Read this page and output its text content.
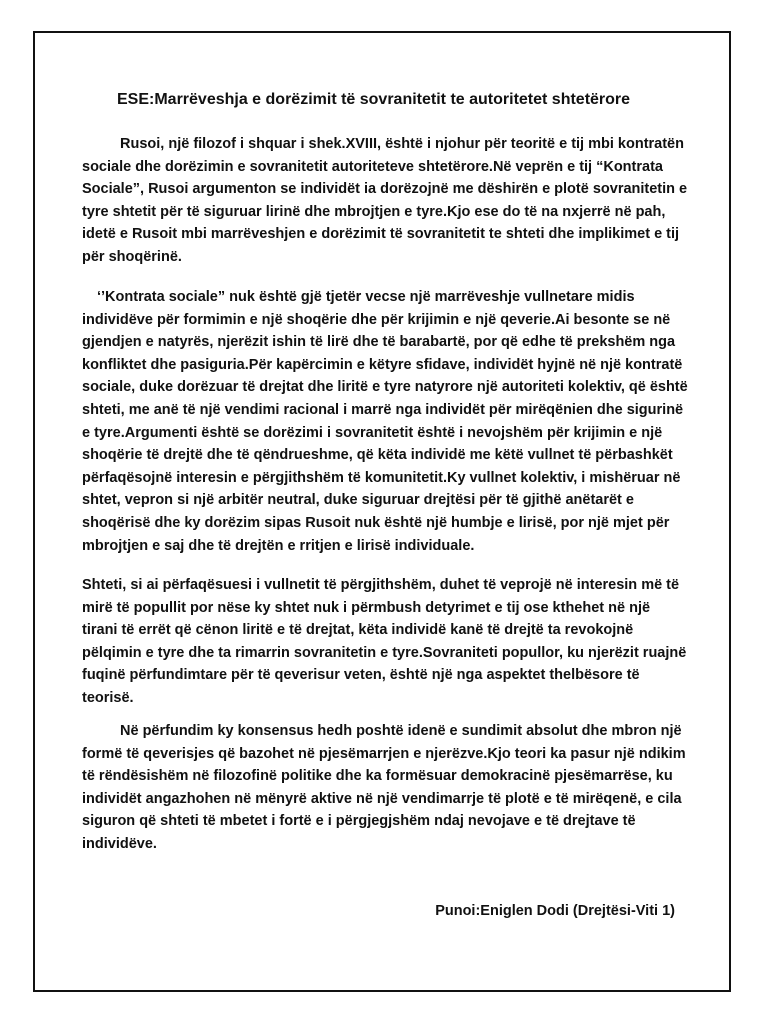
ESE:Marrëveshja e dorëzimit të sovranitetit te autoritetet shtetërore

Rusoi, një filozof i shquar i shek.XVIII, është i njohur për teoritë e tij mbi kontratën sociale dhe dorëzimin e sovranitetit autoriteteve shtetërore.Në veprën e tij “Kontrata Sociale”, Rusoi argumenton se individët ia dorëzojnë me dëshirën e plotë sovranitetin e tyre shtetit për të siguruar lirinë dhe mbrojtjen e tyre.Kjo ese do të na nxjerrë në pah, idetë e Rusoit mbi marrëveshjen e dorëzimit të sovranitetit te shteti dhe implikimet e tij për shoqërinë.

‘’Kontrata sociale” nuk është gjë tjetër vecse një marrëveshje vullnetare midis individëve për formimin e një shoqërie dhe për krijimin e një qeverie.Ai besonte se në gjendjen e natyrës, njerëzit ishin të lirë dhe të barabartë, por që edhe të prekshëm nga konfliktet dhe pasiguria.Për kapërcimin e këtyre sfidave, individët hyjnë në një kontratë sociale, duke dorëzuar të drejtat dhe liritë e tyre natyrore një autoriteti kolektiv, që është shteti, me anë të një vendimi racional i marrë nga individët për mirëqënien dhe sigurinë e tyre.Argumenti është se dorëzimi i sovranitetit është i nevojshëm për krijimin e një shoqërie të drejtë dhe të qëndrueshme, që këta individë me këtë vullnet të përbashkët përfaqësojnë interesin e përgjithshëm të komunitetit.Ky vullnet kolektiv, i mishëruar në shtet, vepron si një arbitër neutral, duke siguruar drejtësi për të gjithë anëtarët e shoqërisë dhe ky dorëzim sipas Rusoit nuk është një humbje e lirisë, por një mjet për mbrojtjen e saj dhe të drejtën e rritjen e lirisë individuale.

Shteti, si ai përfaqësuesi i vullnetit të përgjithshëm, duhet të veprojë në interesin më të mirë të popullit por nëse ky shtet nuk i përmbush detyrimet e tij ose kthehet në një tirani të errët që cënon liritë e të drejtat, këta individë kanë të drejtë ta revokojnë pëlqimin e tyre dhe ta rimarrin sovranitetin e tyre.Sovraniteti popullor, ku njerëzit ruajnë fuqinë përfundimtare për të qeverisur veten, është një nga aspektet thelbësore të teorisë.

Në përfundim ky konsensus hedh poshtë idenë e sundimit absolut dhe mbron një formë të qeverisjes që bazohet në pjesëmarrjen e njerëzve.Kjo teori ka pasur një ndikim të rëndësishëm në filozofinë politike dhe ka formësuar demokracinë pjesëmarrëse, ku individët angazhohen në mënyrë aktive në një vendimarrje të plotë e të mirëqenë, e cila siguron që shteti të mbetet i fortë e i përgjegjshëm ndaj nevojave e të drejtave të individëve.

Punoi:Eniglen Dodi (Drejtësi-Viti 1)
